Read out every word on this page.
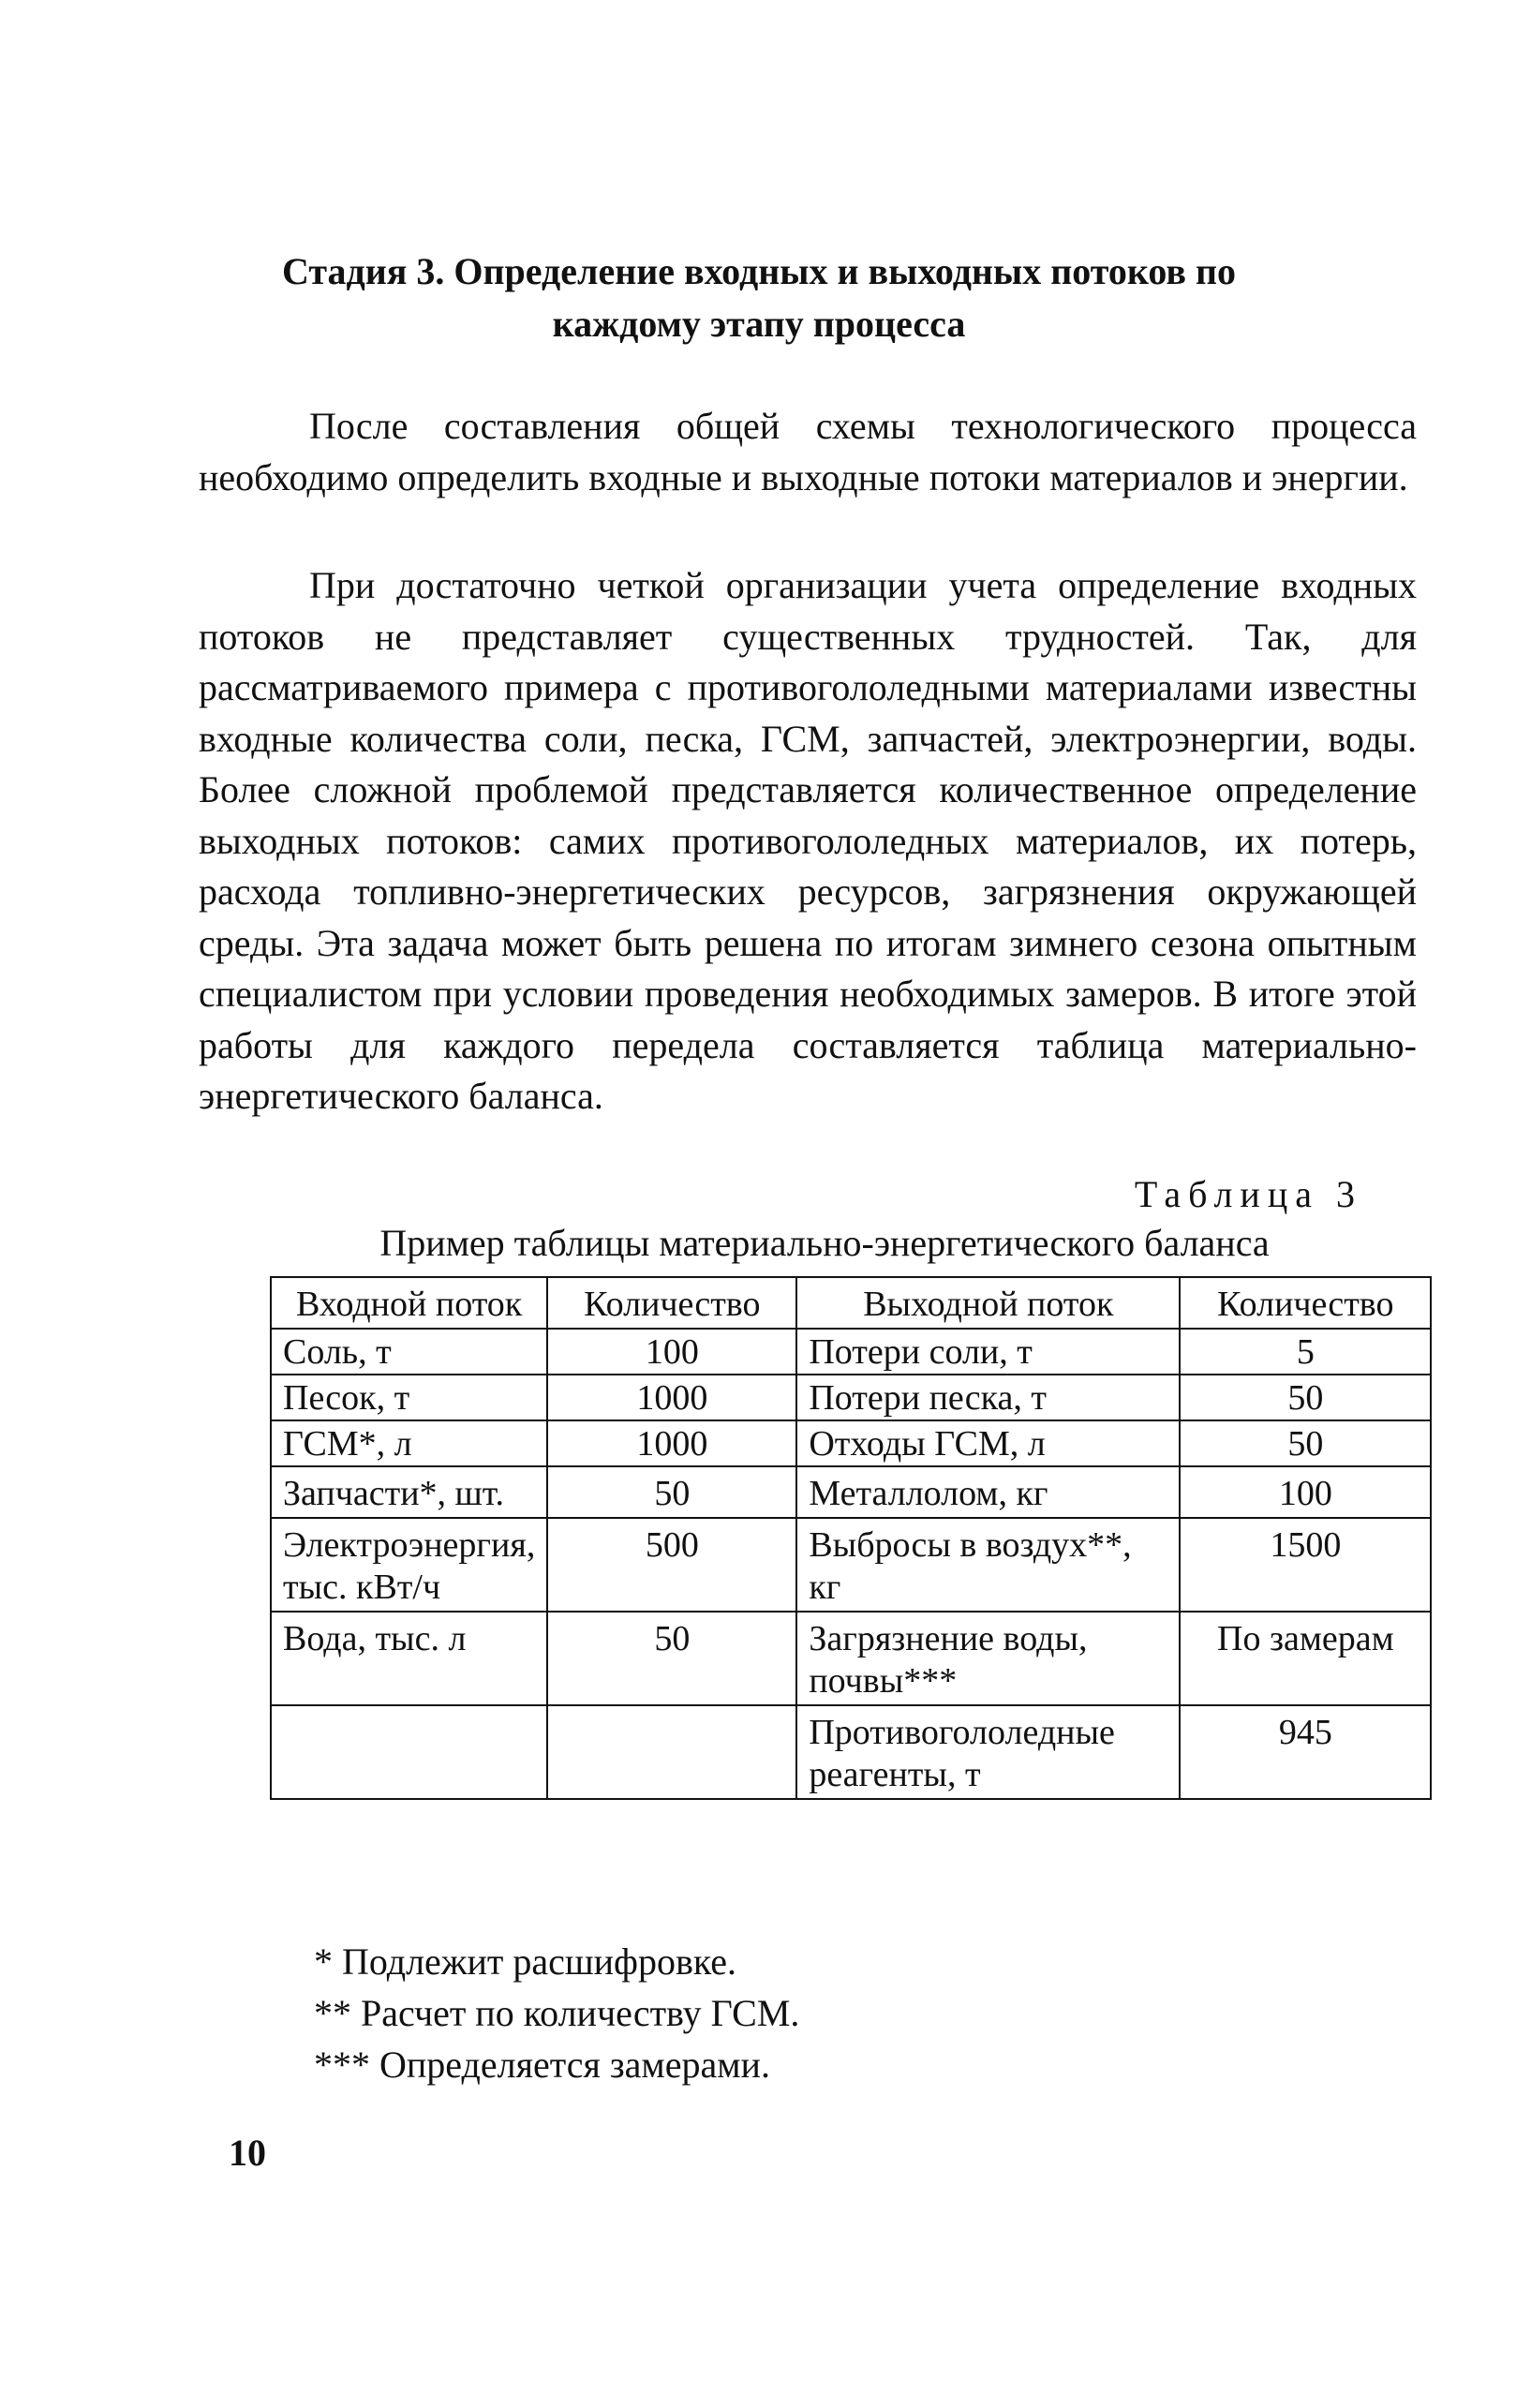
Стадия 3. Определение входных и выходных потоков по
каждому этапу процесса

После составления общей схемы технологического процесса необходимо определить входные и выходные потоки материалов и энергии.

При достаточно четкой организации учета определение входных потоков не представляет существенных трудностей. Так, для рассматриваемого примера с противогололедными материалами известны входные количества соли, песка, ГСМ, запчастей, электроэнергии, воды. Более сложной проблемой представляется количественное определение выходных потоков: самих противогололедных материалов, их потерь, расхода топливно-энергетических ресурсов, загрязнения окружающей среды. Эта задача может быть решена по итогам зимнего сезона опытным специалистом при условии проведения необходимых замеров. В итоге этой работы для каждого передела составляется таблица материально-энергетического баланса.

Таблица 3
Пример таблицы материально-энергетического баланса
Входной поток	Количество	Выходной поток	Количество
Соль, т	100	Потери соли, т	5
Песок, т	1000	Потери песка, т	50
ГСМ*, л	1000	Отходы ГСМ, л	50
Запчасти*, шт.	50	Металлолом, кг	100
Электроэнергия, тыс. кВт/ч	500	Выбросы в воздух**, кг	1500
Вода, тыс. л	50	Загрязнение воды, почвы***	По замерам
		Противогололедные реагенты, т	945
* Подлежит расшифровке.
** Расчет по количеству ГСМ.
*** Определяется замерами.
10
